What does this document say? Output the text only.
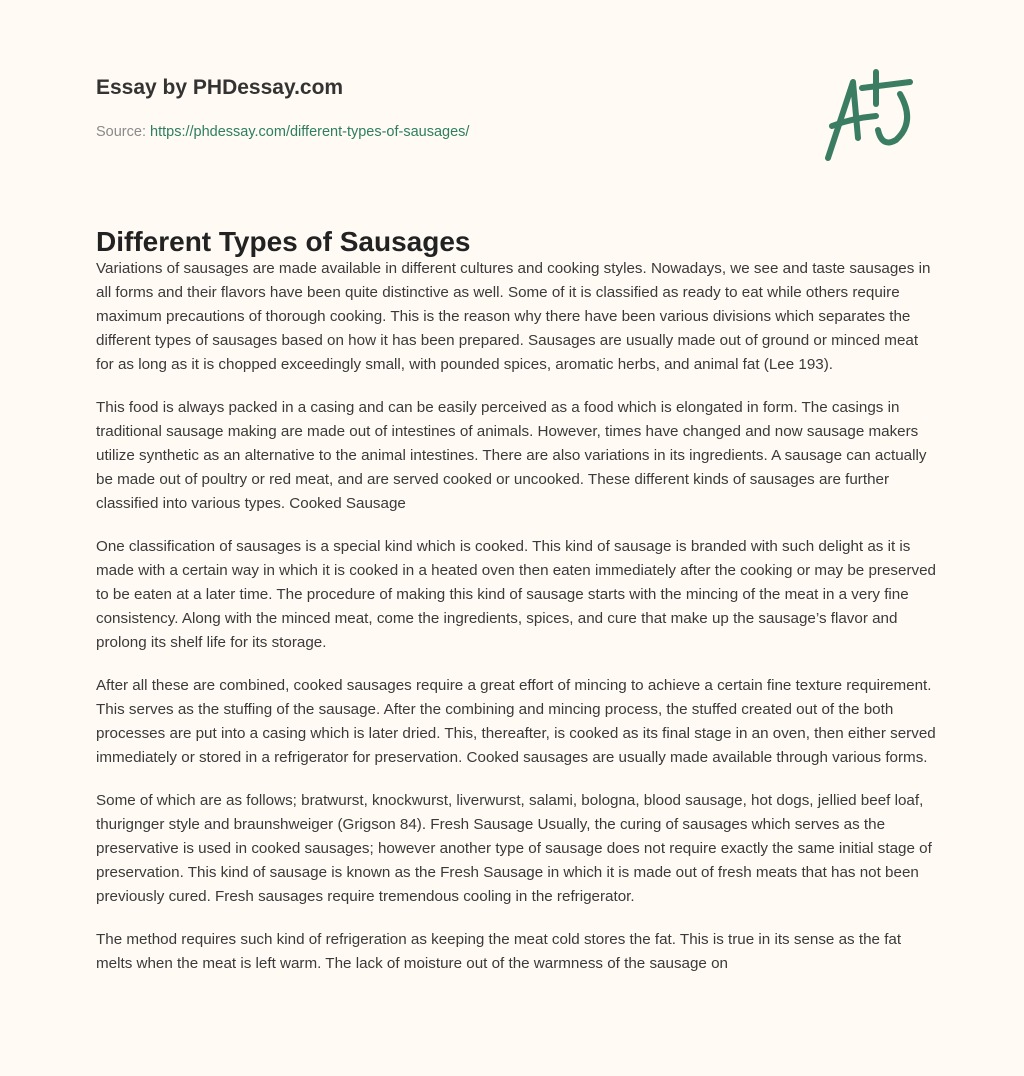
Essay by PHDessay.com
Source: https://phdessay.com/different-types-of-sausages/
Different Types of Sausages

Variations of sausages are made available in different cultures and cooking styles. Nowadays, we see and taste sausages in all forms and their flavors have been quite distinctive as well. Some of it is classified as ready to eat while others require maximum precautions of thorough cooking. This is the reason why there have been various divisions which separates the different types of sausages based on how it has been prepared. Sausages are usually made out of ground or minced meat for as long as it is chopped exceedingly small, with pounded spices, aromatic herbs, and animal fat (Lee 193).

This food is always packed in a casing and can be easily perceived as a food which is elongated in form. The casings in traditional sausage making are made out of intestines of animals. However, times have changed and now sausage makers utilize synthetic as an alternative to the animal intestines. There are also variations in its ingredients. A sausage can actually be made out of poultry or red meat, and are served cooked or uncooked. These different kinds of sausages are further classified into various types. Cooked Sausage

One classification of sausages is a special kind which is cooked. This kind of sausage is branded with such delight as it is made with a certain way in which it is cooked in a heated oven then eaten immediately after the cooking or may be preserved to be eaten at a later time. The procedure of making this kind of sausage starts with the mincing of the meat in a very fine consistency. Along with the minced meat, come the ingredients, spices, and cure that make up the sausage’s flavor and prolong its shelf life for its storage.

After all these are combined, cooked sausages require a great effort of mincing to achieve a certain fine texture requirement. This serves as the stuffing of the sausage. After the combining and mincing process, the stuffed created out of the both processes are put into a casing which is later dried. This, thereafter, is cooked as its final stage in an oven, then either served immediately or stored in a refrigerator for preservation. Cooked sausages are usually made available through various forms.

Some of which are as follows; bratwurst, knockwurst, liverwurst, salami, bologna, blood sausage, hot dogs, jellied beef loaf, thurignger style and braunshweiger (Grigson 84). Fresh Sausage Usually, the curing of sausages which serves as the preservative is used in cooked sausages; however another type of sausage does not require exactly the same initial stage of preservation. This kind of sausage is known as the Fresh Sausage in which it is made out of fresh meats that has not been previously cured. Fresh sausages require tremendous cooling in the refrigerator.

The method requires such kind of refrigeration as keeping the meat cold stores the fat. This is true in its sense as the fat melts when the meat is left warm. The lack of moisture out of the warmness of the sausage on
